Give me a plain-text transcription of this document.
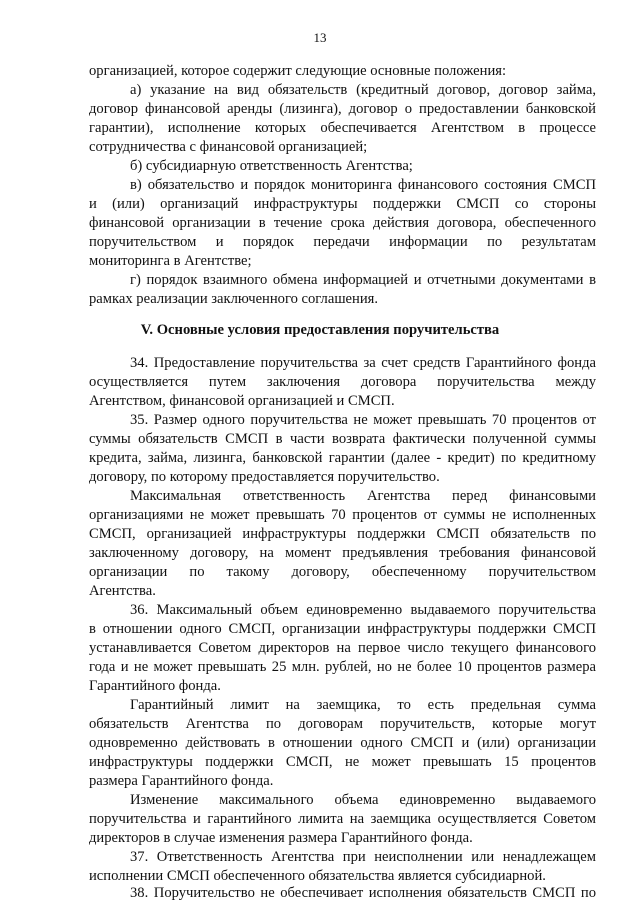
13
организацией, которое содержит следующие основные положения:
а) указание на вид обязательств (кредитный договор, договор займа,
договор финансовой аренды (лизинга), договор о предоставлении банковской
гарантии), исполнение которых обеспечивается Агентством в процессе
сотрудничества с финансовой организацией;
б) субсидиарную ответственность Агентства;
в) обязательство и порядок мониторинга финансового состояния СМСП
и (или) организаций инфраструктуры поддержки СМСП со стороны
финансовой организации в течение срока действия договора, обеспеченного
поручительством и порядок передачи информации по результатам
мониторинга в Агентстве;
г) порядок взаимного обмена информацией и отчетными документами в
рамках реализации заключенного соглашения.
V. Основные условия предоставления поручительства
34. Предоставление поручительства за счет средств Гарантийного фонда
осуществляется путем заключения договора поручительства между
Агентством, финансовой организацией и СМСП.
35. Размер одного поручительства не может превышать 70 процентов от
суммы обязательств СМСП в части возврата фактически полученной суммы
кредита, займа, лизинга, банковской гарантии (далее - кредит) по кредитному
договору, по которому предоставляется поручительство.
Максимальная ответственность Агентства перед финансовыми
организациями не может превышать 70 процентов от суммы не исполненных
СМСП, организацией инфраструктуры поддержки СМСП обязательств по
заключенному договору, на момент предъявления требования финансовой
организации по такому договору, обеспеченному поручительством
Агентства.
36. Максимальный объем единовременно выдаваемого поручительства
в отношении одного СМСП, организации инфраструктуры поддержки СМСП
устанавливается Советом директоров на первое число текущего финансового
года и не может превышать 25 млн. рублей, но не более 10 процентов размера
Гарантийного фонда.
Гарантийный лимит на заемщика, то есть предельная сумма
обязательств Агентства по договорам поручительств, которые могут
одновременно действовать в отношении одного СМСП и (или) организации
инфраструктуры поддержки СМСП, не может превышать 15 процентов
размера Гарантийного фонда.
Изменение максимального объема единовременно выдаваемого
поручительства и гарантийного лимита на заемщика осуществляется Советом
директоров в случае изменения размера Гарантийного фонда.
37. Ответственность Агентства при неисполнении или ненадлежащем
исполнении СМСП обеспеченного обязательства является субсидиарной.
38. Поручительство не обеспечивает исполнения обязательств СМСП по
